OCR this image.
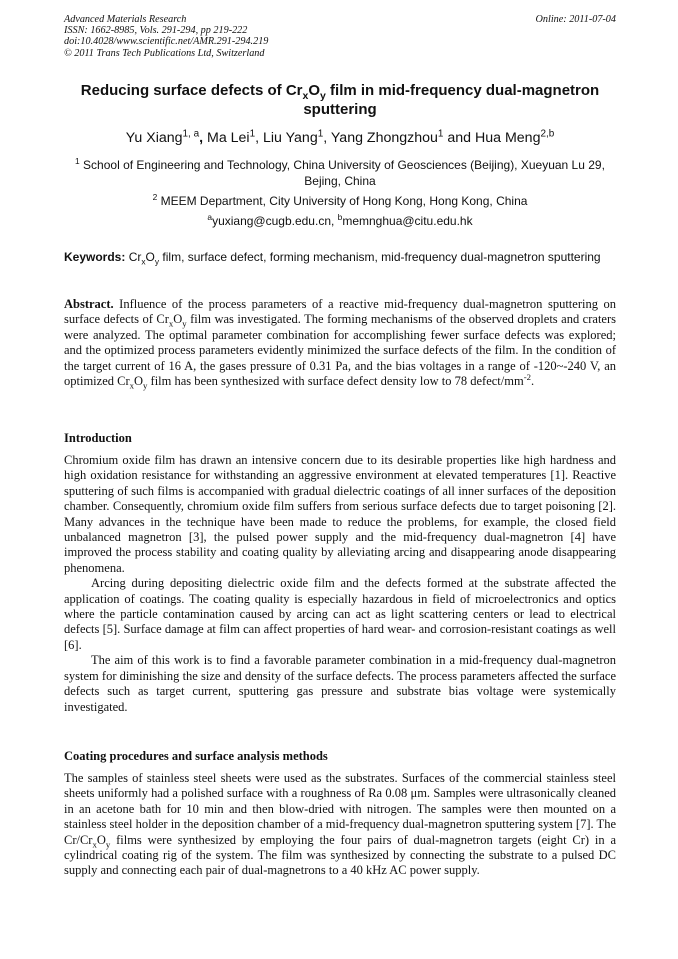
Advanced Materials Research
ISSN: 1662-8985, Vols. 291-294, pp 219-222
doi:10.4028/www.scientific.net/AMR.291-294.219
© 2011 Trans Tech Publications Ltd, Switzerland
Online: 2011-07-04
Reducing surface defects of $Cr_xO_y$ film in mid-frequency dual-magnetron sputtering
Yu Xiang$^{1, a}$, Ma Lei$^1$, Liu Yang$^1$, Yang Zhongzhou$^1$ and Hua Meng$^{2,b}$
$^1$ School of Engineering and Technology, China University of Geosciences (Beijing), Xueyuan Lu 29, Bejing, China
$^2$ MEEM Department, City University of Hong Kong, Hong Kong, China
$^a$yuxiang@cugb.edu.cn, $^b$memnghua@citu.edu.hk
Keywords: $Cr_xO_y$ film, surface defect, forming mechanism, mid-frequency dual-magnetron sputtering
Abstract. Influence of the process parameters of a reactive mid-frequency dual-magnetron sputtering on surface defects of $Cr_xO_y$ film was investigated. The forming mechanisms of the observed droplets and craters were analyzed. The optimal parameter combination for accomplishing fewer surface defects was explored; and the optimized process parameters evidently minimized the surface defects of the film. In the condition of the target current of 16 A, the gases pressure of 0.31 Pa, and the bias voltages in a range of -120~-240 V, an optimized $Cr_xO_y$ film has been synthesized with surface defect density low to 78 defect/$mm^{-2}$.
Introduction

Chromium oxide film has drawn an intensive concern due to its desirable properties like high hardness and high oxidation resistance for withstanding an aggressive environment at elevated temperatures [1]. Reactive sputtering of such films is accompanied with gradual dielectric coatings of all inner surfaces of the deposition chamber. Consequently, chromium oxide film suffers from serious surface defects due to target poisoning [2]. Many advances in the technique have been made to reduce the problems, for example, the closed field unbalanced magnetron [3], the pulsed power supply and the mid-frequency dual-magnetron [4] have improved the process stability and coating quality by alleviating arcing and disappearing anode disappearing phenomena.

Arcing during depositing dielectric oxide film and the defects formed at the substrate affected the application of coatings. The coating quality is especially hazardous in field of microelectronics and optics where the particle contamination caused by arcing can act as light scattering centers or lead to electrical defects [5]. Surface damage at film can affect properties of hard wear- and corrosion-resistant coatings as well [6].

The aim of this work is to find a favorable parameter combination in a mid-frequency dual-magnetron system for diminishing the size and density of the surface defects. The process parameters affected the surface defects such as target current, sputtering gas pressure and substrate bias voltage were systemically investigated.

Coating procedures and surface analysis methods

The samples of stainless steel sheets were used as the substrates. Surfaces of the commercial stainless steel sheets uniformly had a polished surface with a roughness of Ra 0.08 μm. Samples were ultrasonically cleaned in an acetone bath for 10 min and then blow-dried with nitrogen. The samples were then mounted on a stainless steel holder in the deposition chamber of a mid-frequency dual-magnetron sputtering system [7]. The $Cr/Cr_xO_y$ films were synthesized by employing the four pairs of dual-magnetron targets (eight Cr) in a cylindrical coating rig of the system. The film was synthesized by connecting the substrate to a pulsed DC supply and connecting each pair of dual-magnetrons to a 40 kHz AC power supply.
